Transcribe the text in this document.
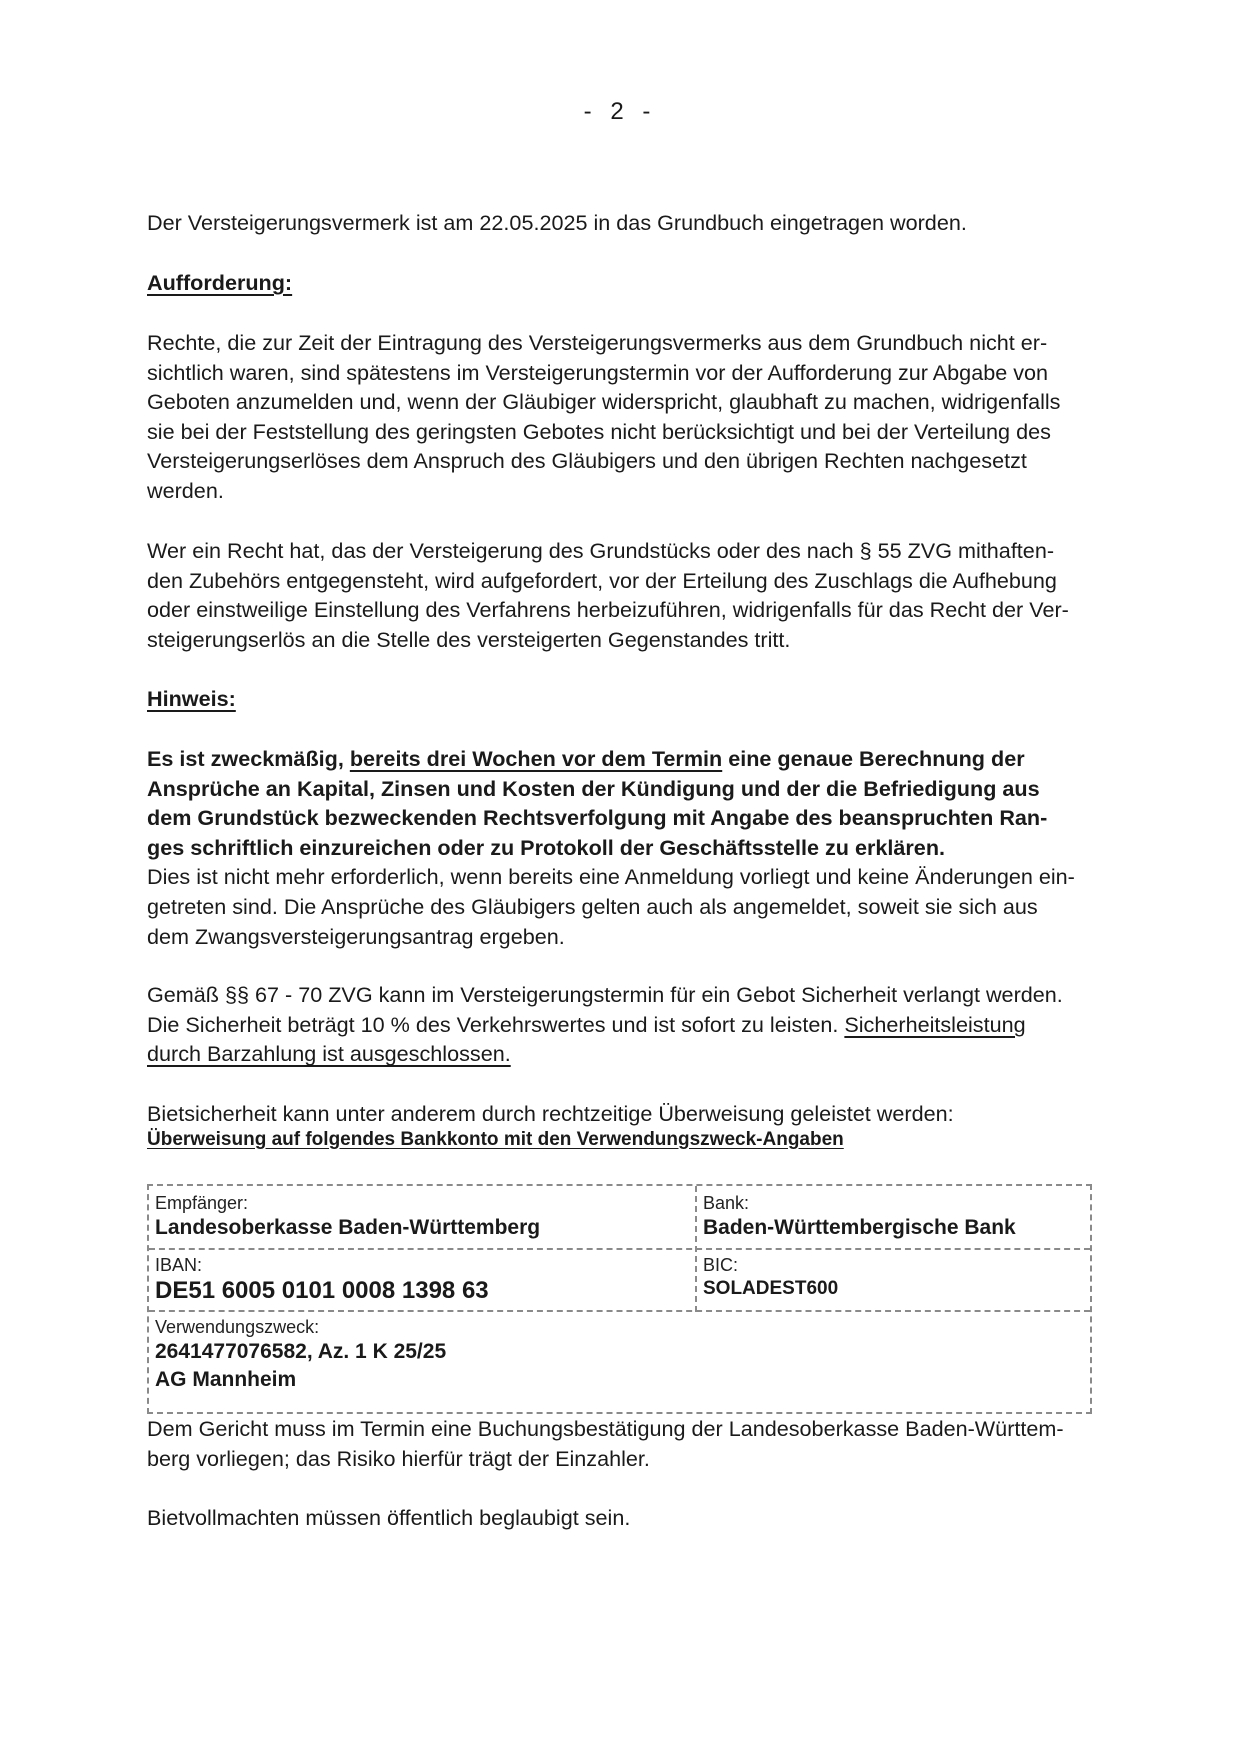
- 2 -

Der Versteigerungsvermerk ist am 22.05.2025 in das Grundbuch eingetragen worden.

Aufforderung:

Rechte, die zur Zeit der Eintragung des Versteigerungsvermerks aus dem Grundbuch nicht er-
sichtlich waren, sind spätestens im Versteigerungstermin vor der Aufforderung zur Abgabe von
Geboten anzumelden und, wenn der Gläubiger widerspricht, glaubhaft zu machen, widrigenfalls
sie bei der Feststellung des geringsten Gebotes nicht berücksichtigt und bei der Verteilung des
Versteigerungserlöses dem Anspruch des Gläubigers und den übrigen Rechten nachgesetzt
werden.
Wer ein Recht hat, das der Versteigerung des Grundstücks oder des nach § 55 ZVG mithaften-
den Zubehörs entgegensteht, wird aufgefordert, vor der Erteilung des Zuschlags die Aufhebung
oder einstweilige Einstellung des Verfahrens herbeizuführen, widrigenfalls für das Recht der Ver-
steigerungserlös an die Stelle des versteigerten Gegenstandes tritt.

Hinweis:

Es ist zweckmäßig, bereits drei Wochen vor dem Termin eine genaue Berechnung der
Ansprüche an Kapital, Zinsen und Kosten der Kündigung und der die Befriedigung aus
dem Grundstück bezweckenden Rechtsverfolgung mit Angabe des beanspruchten Ran-
ges schriftlich einzureichen oder zu Protokoll der Geschäftsstelle zu erklären.
Dies ist nicht mehr erforderlich, wenn bereits eine Anmeldung vorliegt und keine Änderungen ein-
getreten sind. Die Ansprüche des Gläubigers gelten auch als angemeldet, soweit sie sich aus
dem Zwangsversteigerungsantrag ergeben.
Gemäß §§ 67 - 70 ZVG kann im Versteigerungstermin für ein Gebot Sicherheit verlangt werden.
Die Sicherheit beträgt 10 % des Verkehrswertes und ist sofort zu leisten. Sicherheitsleistung
durch Barzahlung ist ausgeschlossen.
Bietsicherheit kann unter anderem durch rechtzeitige Überweisung geleistet werden:
Überweisung auf folgendes Bankkonto mit den Verwendungszweck-Angaben
Empfänger:
Landesoberkasse Baden-Württemberg
Bank:
Baden-Württembergische Bank
IBAN:
DE51 6005 0101 0008 1398 63
BIC:
SOLADEST600
Verwendungszweck:
2641477076582, Az. 1 K 25/25
AG Mannheim
Dem Gericht muss im Termin eine Buchungsbestätigung der Landesoberkasse Baden-Württem-
berg vorliegen; das Risiko hierfür trägt der Einzahler.

Bietvollmachten müssen öffentlich beglaubigt sein.
